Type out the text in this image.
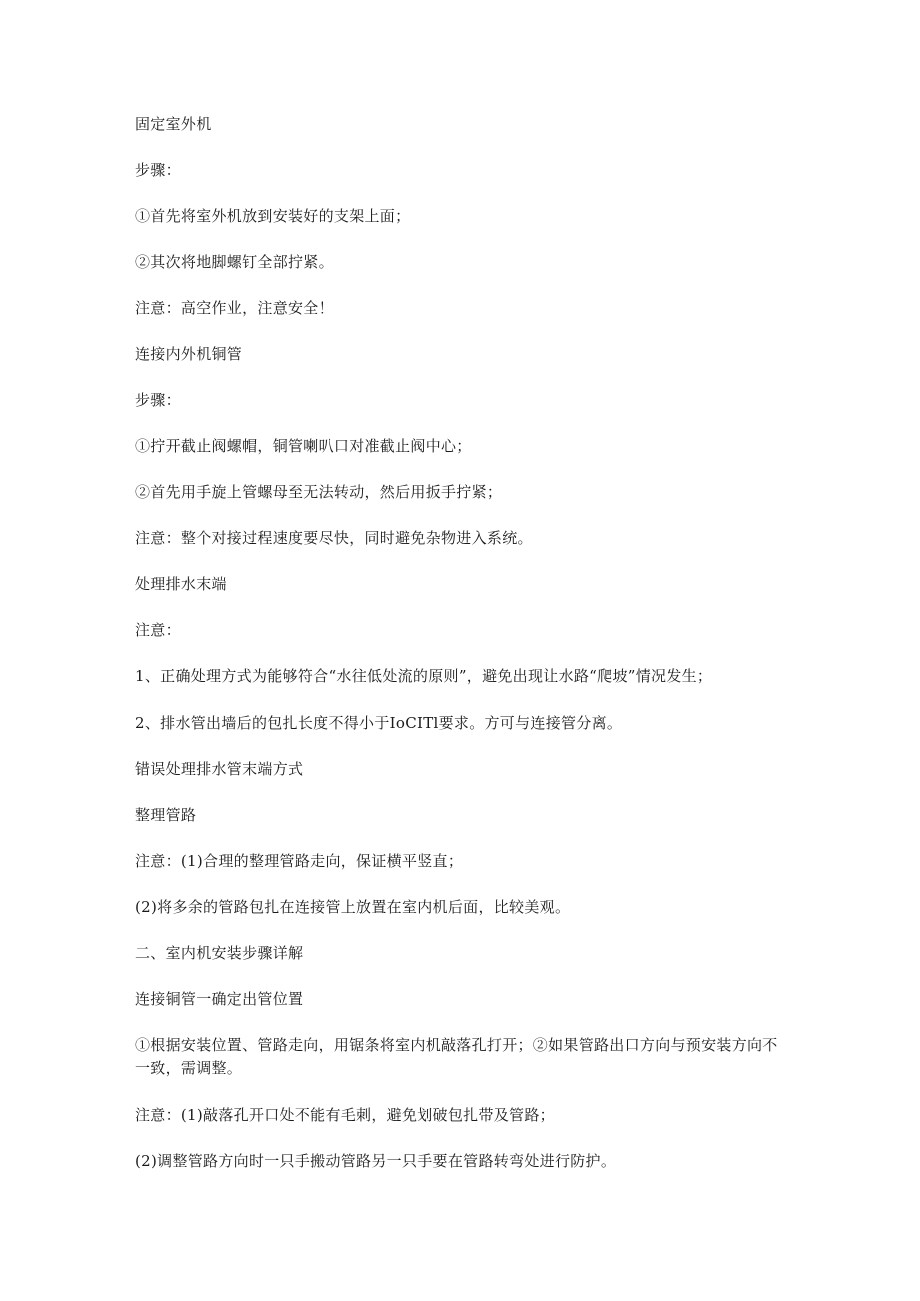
固定室外机

步骤：

①首先将室外机放到安装好的支架上面；

②其次将地脚螺钉全部拧紧。

注意：高空作业，注意安全！

连接内外机铜管

步骤：

①拧开截止阀螺帽，铜管喇叭口对准截止阀中心；

②首先用手旋上管螺母至无法转动，然后用扳手拧紧；

注意：整个对接过程速度要尽快，同时避免杂物进入系统。

处理排水末端

注意：

1、正确处理方式为能够符合“水往低处流的原则”，避免出现让水路“爬坡”情况发生；

2、排水管出墙后的包扎长度不得小于IoCITl要求。方可与连接管分离。

错误处理排水管末端方式

整理管路

注意：(1)合理的整理管路走向，保证横平竖直；

(2)将多余的管路包扎在连接管上放置在室内机后面，比较美观。

二、室内机安装步骤详解

连接铜管一确定出管位置

①根据安装位置、管路走向，用锯条将室内机敲落孔打开；②如果管路出口方向与预安装方向不一致，需调整。

注意：(1)敲落孔开口处不能有毛刺，避免划破包扎带及管路；

(2)调整管路方向时一只手搬动管路另一只手要在管路转弯处进行防护。
